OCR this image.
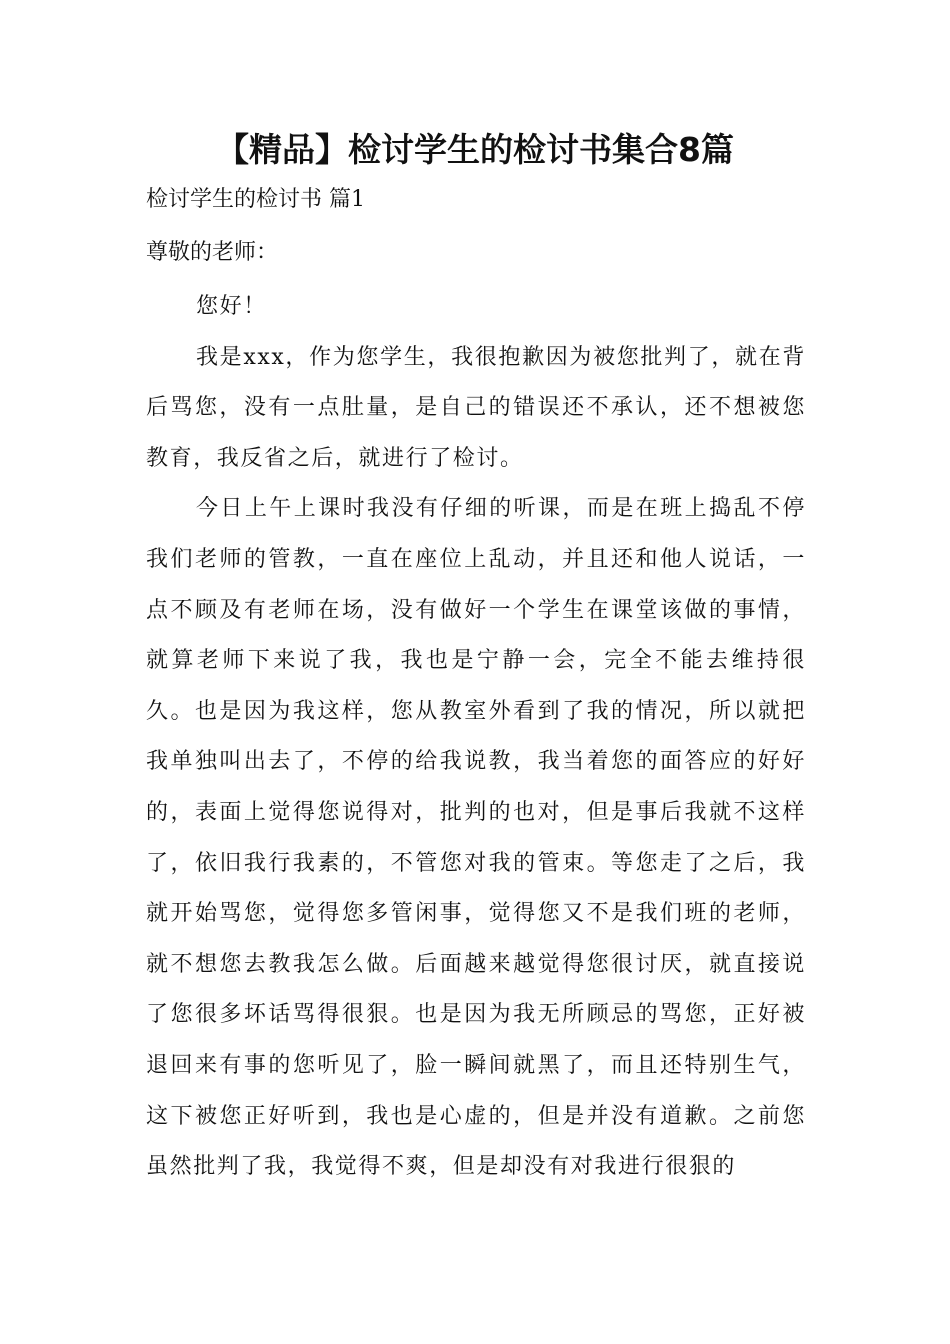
【精品】检讨学生的检讨书集合8篇
检讨学生的检讨书 篇1
尊敬的老师：

您好！

我是xxx，作为您学生，我很抱歉因为被您批判了，就在背后骂您，没有一点肚量，是自己的错误还不承认，还不想被您教育，我反省之后，就进行了检讨。

今日上午上课时我没有仔细的听课，而是在班上捣乱不停我们老师的管教，一直在座位上乱动，并且还和他人说话，一点不顾及有老师在场，没有做好一个学生在课堂该做的事情，就算老师下来说了我，我也是宁静一会，完全不能去维持很久。也是因为我这样，您从教室外看到了我的情况，所以就把我单独叫出去了，不停的给我说教，我当着您的面答应的好好的，表面上觉得您说得对，批判的也对，但是事后我就不这样了，依旧我行我素的，不管您对我的管束。等您走了之后，我就开始骂您，觉得您多管闲事，觉得您又不是我们班的老师，就不想您去教我怎么做。后面越来越觉得您很讨厌，就直接说了您很多坏话骂得很狠。也是因为我无所顾忌的骂您，正好被退回来有事的您听见了，脸一瞬间就黑了，而且还特别生气，这下被您正好听到，我也是心虚的，但是并没有道歉。之前您虽然批判了我，我觉得不爽，但是却没有对我进行很狠的
